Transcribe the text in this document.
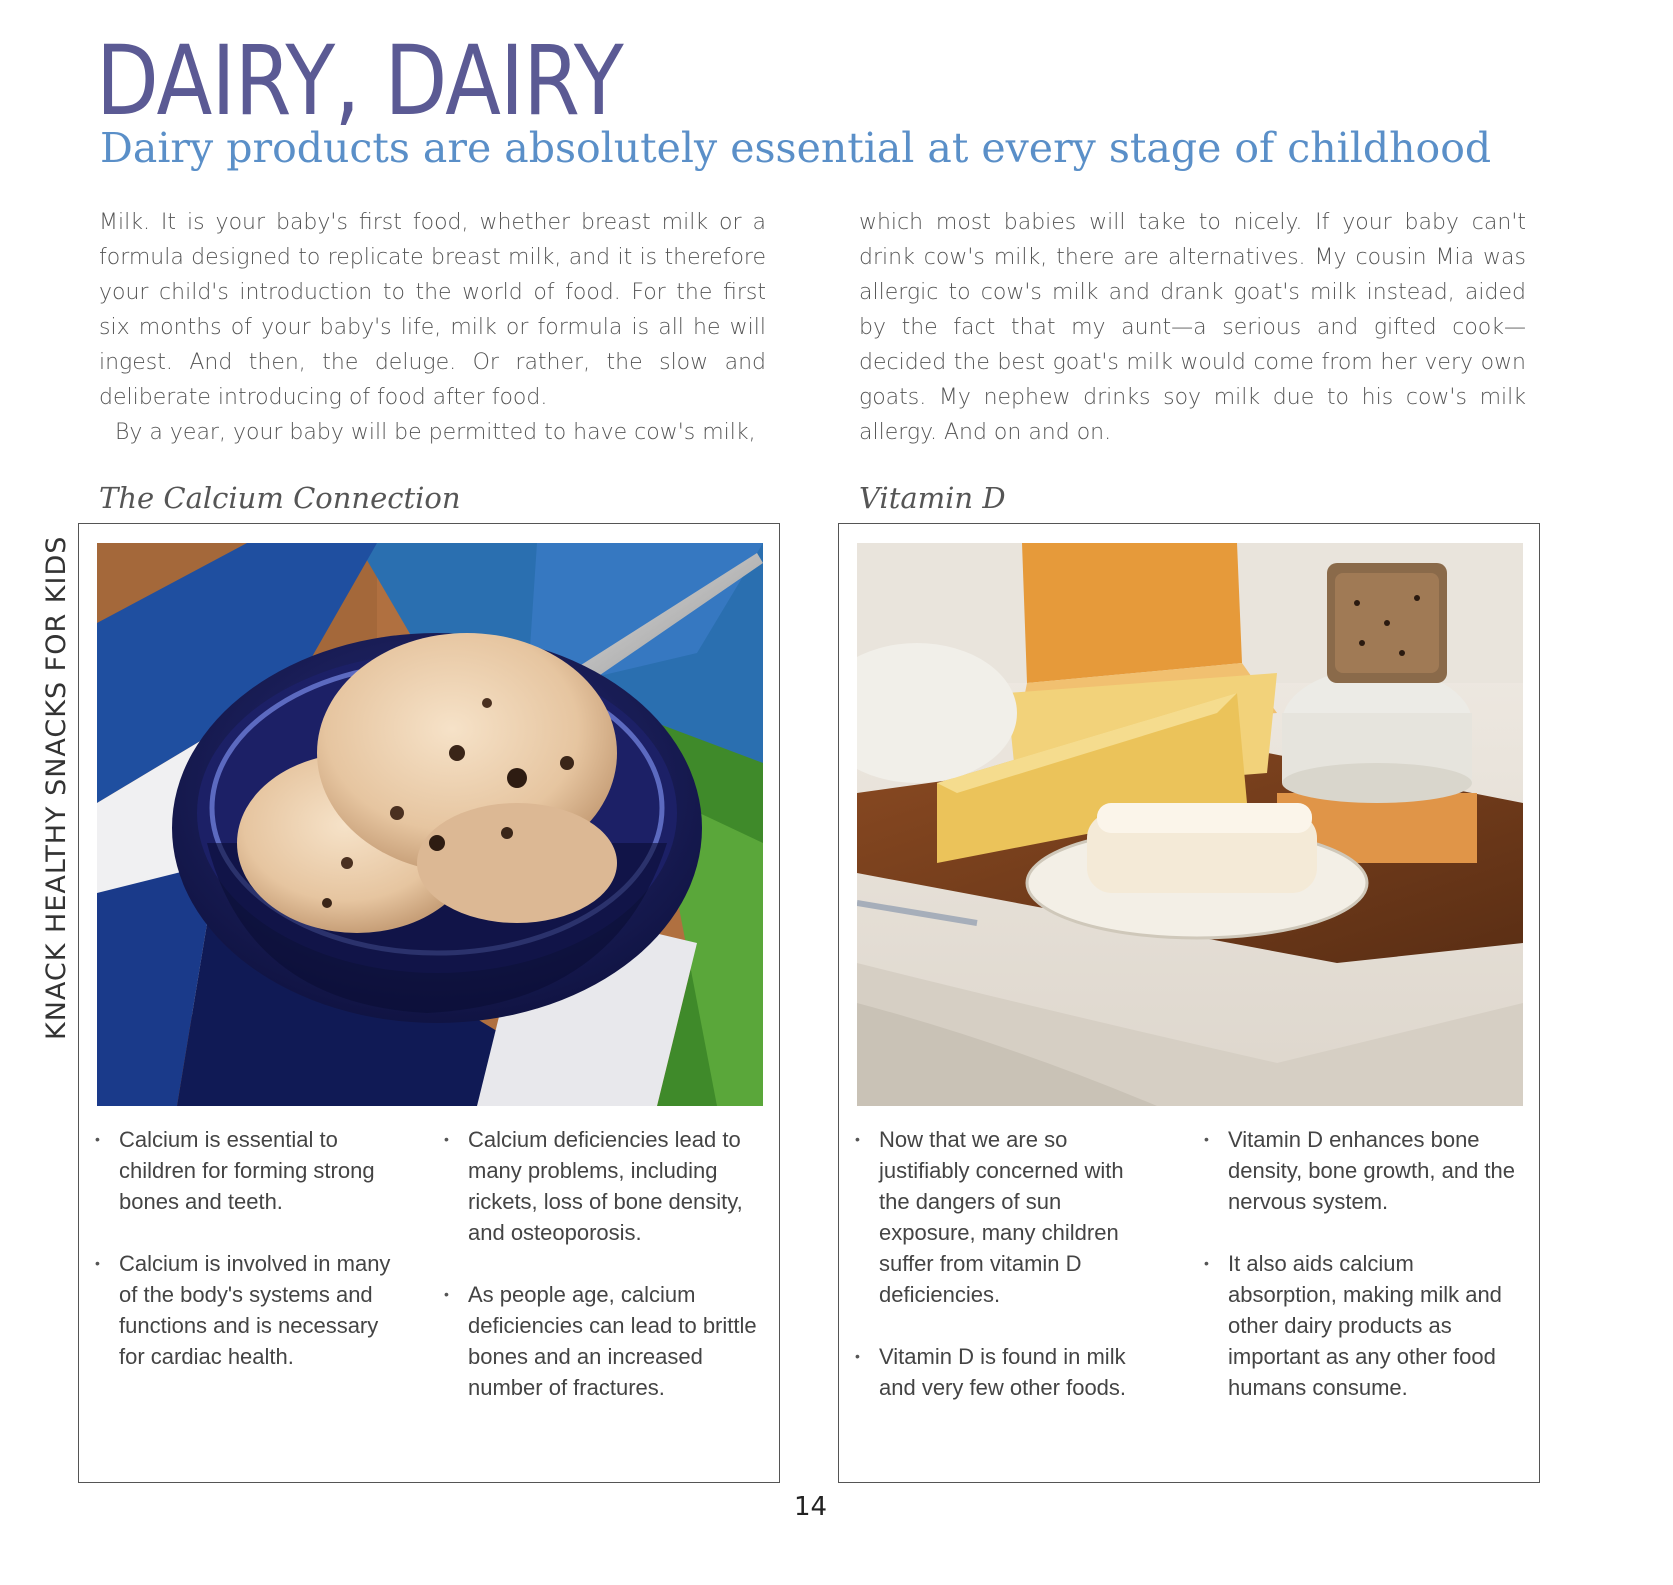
DAIRY, DAIRY
Dairy products are absolutely essential at every stage of childhood

Milk. It is your baby's first food, whether breast milk or a formula designed to replicate breast milk, and it is therefore your child's introduction to the world of food. For the first six months of your baby's life, milk or formula is all he will ingest. And then, the deluge. Or rather, the slow and deliberate introducing of food after food.

By a year, your baby will be permitted to have cow's milk,

which most babies will take to nicely. If your baby can't drink cow's milk, there are alternatives. My cousin Mia was allergic to cow's milk and drank goat's milk instead, aided by the fact that my aunt—a serious and gifted cook—decided the best goat's milk would come from her very own goats. My nephew drinks soy milk due to his cow's milk allergy. And on and on.

The Calcium Connection	Vitamin D
• Calcium is essential to children for forming strong bones and teeth.
• Calcium is involved in many of the body's systems and functions and is necessary for cardiac health.
• Calcium deficiencies lead to many problems, including rickets, loss of bone density, and osteoporosis.
• As people age, calcium deficiencies can lead to brittle bones and an increased number of fractures.
• Now that we are so justifiably concerned with the dangers of sun exposure, many children suffer from vitamin D deficiencies.
• Vitamin D is found in milk and very few other foods.
• Vitamin D enhances bone density, bone growth, and the nervous system.
• It also aids calcium absorption, making milk and other dairy products as important as any other food humans consume.
KNACK HEALTHY SNACKS FOR KIDS
14
